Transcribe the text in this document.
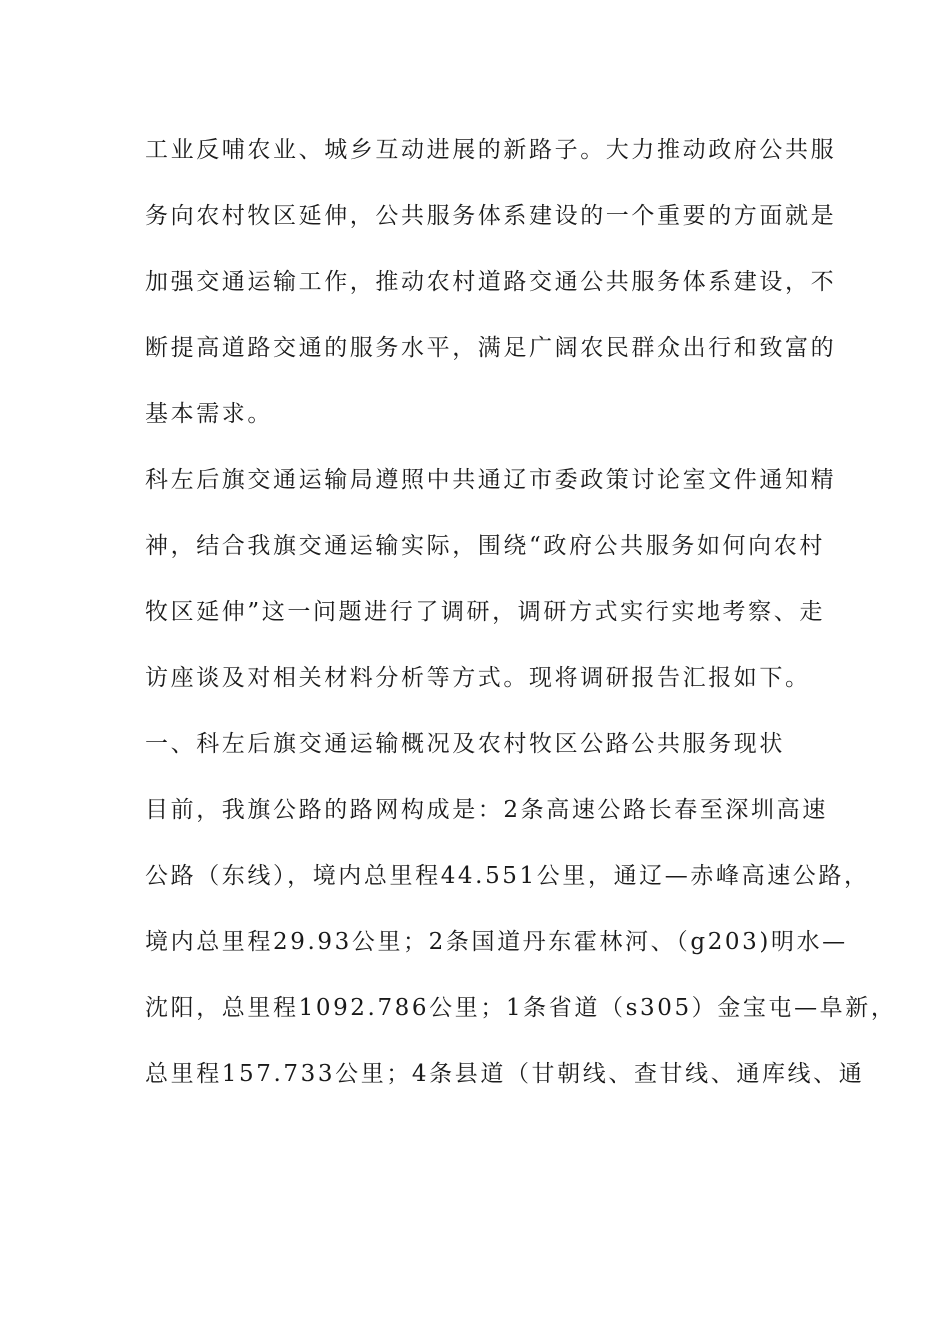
工业反哺农业、城乡互动进展的新路子。大力推动政府公共服
务向农村牧区延伸，公共服务体系建设的一个重要的方面就是
加强交通运输工作，推动农村道路交通公共服务体系建设，不
断提高道路交通的服务水平，满足广阔农民群众出行和致富的
基本需求。
科左后旗交通运输局遵照中共通辽市委政策讨论室文件通知精
神，结合我旗交通运输实际，围绕“政府公共服务如何向农村
牧区延伸”这一问题进行了调研，调研方式实行实地考察、走
访座谈及对相关材料分析等方式。现将调研报告汇报如下。
一、科左后旗交通运输概况及农村牧区公路公共服务现状
目前，我旗公路的路网构成是：2条高速公路长春至深圳高速
公路（东线），境内总里程44.551公里，通辽—赤峰高速公路，
境内总里程29.93公里；2条国道丹东霍林河、（g203)明水—
沈阳，总里程1092.786公里；1条省道（s305）金宝屯—阜新，
总里程157.733公里；4条县道（甘朝线、查甘线、通库线、通
